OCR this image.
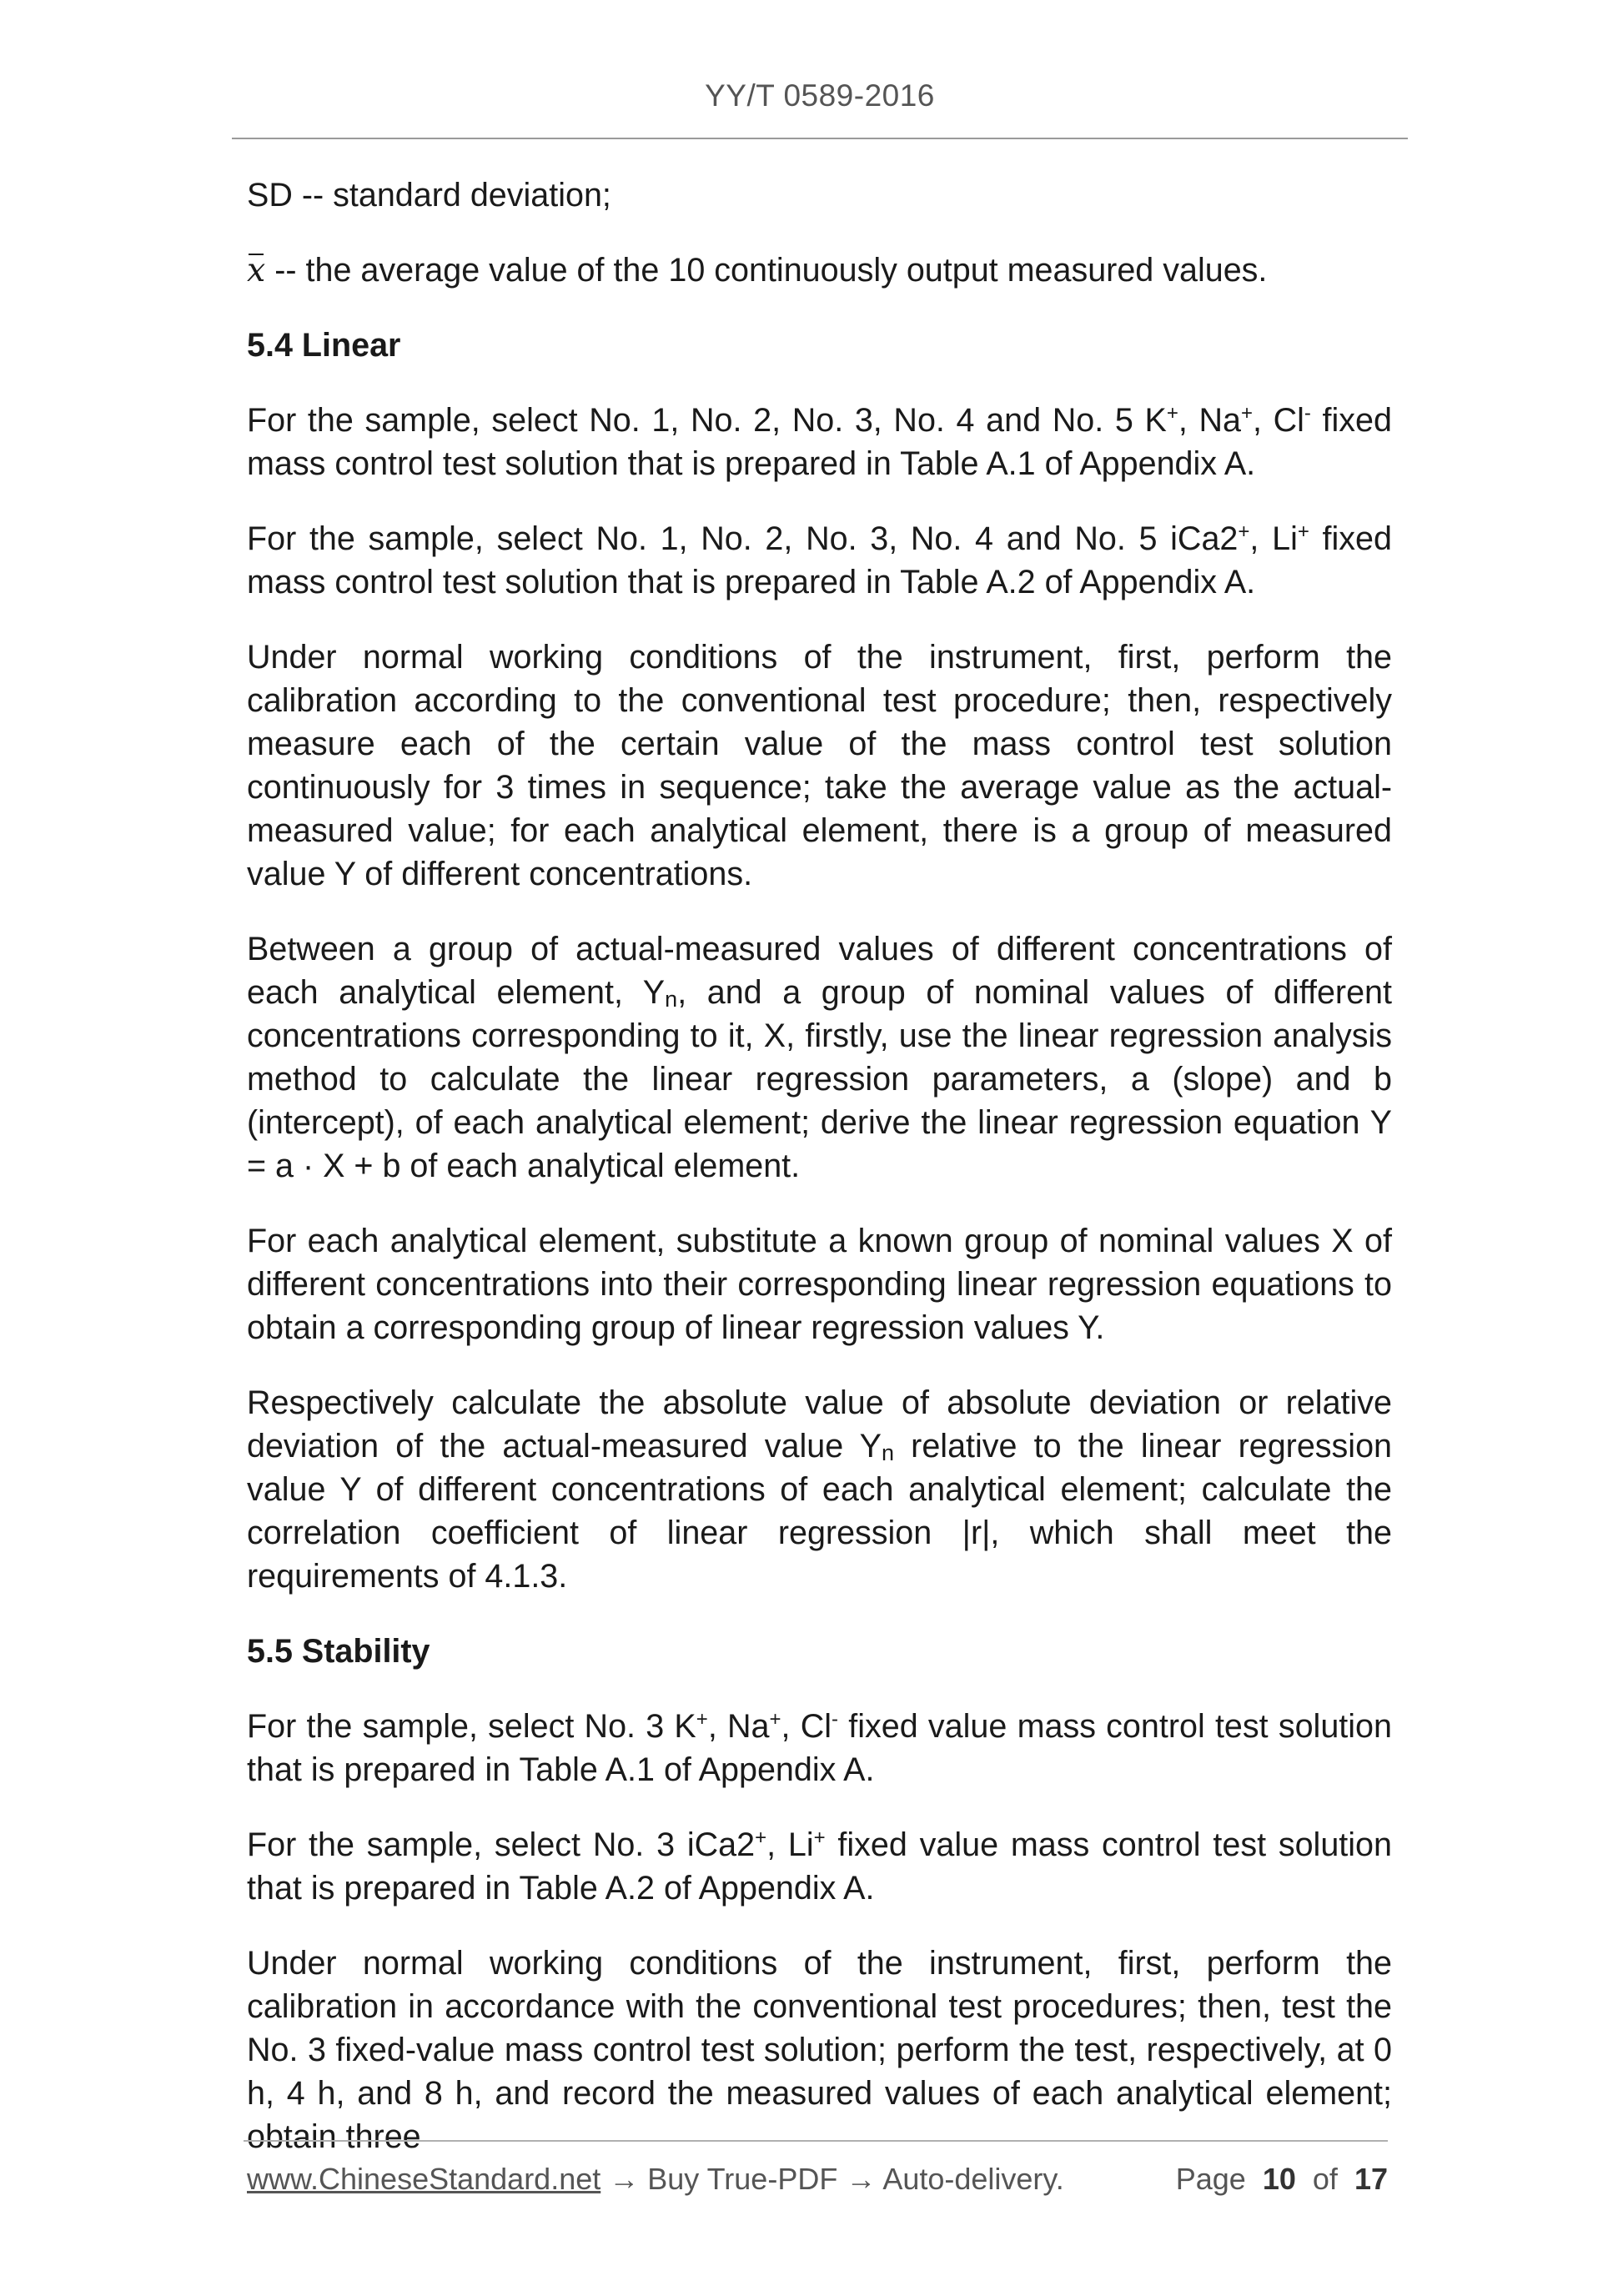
YY/T 0589-2016

SD -- standard deviation;

x -- the average value of the 10 continuously output measured values.

5.4 Linear

For the sample, select No. 1, No. 2, No. 3, No. 4 and No. 5 K+, Na+, Cl- fixed mass control test solution that is prepared in Table A.1 of Appendix A.

For the sample, select No. 1, No. 2, No. 3, No. 4 and No. 5 iCa2+, Li+ fixed mass control test solution that is prepared in Table A.2 of Appendix A.

Under normal working conditions of the instrument, first, perform the calibration according to the conventional test procedure; then, respectively measure each of the certain value of the mass control test solution continuously for 3 times in sequence; take the average value as the actual-measured value; for each analytical element, there is a group of measured value Y of different concentrations.

Between a group of actual-measured values of different concentrations of each analytical element, $Y_n$, and a group of nominal values of different concentrations corresponding to it, X, firstly, use the linear regression analysis method to calculate the linear regression parameters, a (slope) and b (intercept), of each analytical element; derive the linear regression equation Y = a · X + b of each analytical element.

For each analytical element, substitute a known group of nominal values X of different concentrations into their corresponding linear regression equations to obtain a corresponding group of linear regression values Y.

Respectively calculate the absolute value of absolute deviation or relative deviation of the actual-measured value $Y_n$ relative to the linear regression value Y of different concentrations of each analytical element; calculate the correlation coefficient of linear regression |r|, which shall meet the requirements of 4.1.3.

5.5 Stability

For the sample, select No. 3 K+, Na+, Cl- fixed value mass control test solution that is prepared in Table A.1 of Appendix A.

For the sample, select No. 3 iCa2+, Li+ fixed value mass control test solution that is prepared in Table A.2 of Appendix A.

Under normal working conditions of the instrument, first, perform the calibration in accordance with the conventional test procedures; then, test the No. 3 fixed-value mass control test solution; perform the test, respectively, at 0 h, 4 h, and 8 h, and record the measured values of each analytical element; obtain three

www.ChineseStandard.net → Buy True-PDF → Auto-delivery.	Page 10 of 17
